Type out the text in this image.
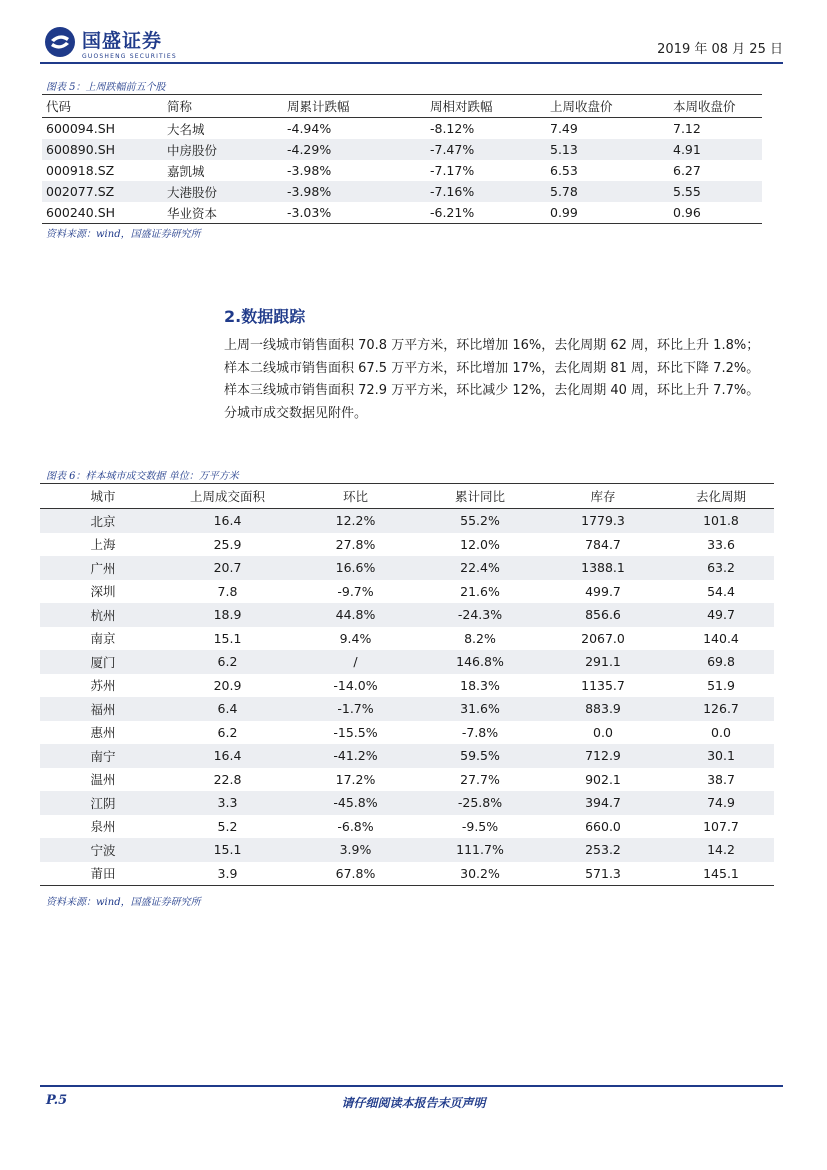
国盛证券
GUOSHENG SECURITIES	2019 年 08 月 25 日
图表 5：上周跌幅前五个股
代码	简称	周累计跌幅	周相对跌幅	上周收盘价	本周收盘价
600094.SH	大名城	-4.94%	-8.12%	7.49	7.12
600890.SH	中房股份	-4.29%	-7.47%	5.13	4.91
000918.SZ	嘉凯城	-3.98%	-7.17%	6.53	6.27
002077.SZ	大港股份	-3.98%	-7.16%	5.78	5.55
600240.SH	华业资本	-3.03%	-6.21%	0.99	0.96
资料来源：wind，国盛证券研究所
2.数据跟踪
上周一线城市销售面积 70.8 万平方米，环比增加 16%，去化周期 62 周，环比上升 1.8%；
样本二线城市销售面积 67.5 万平方米，环比增加 17%，去化周期 81 周，环比下降 7.2%。
样本三线城市销售面积 72.9 万平方米，环比减少 12%，去化周期 40 周，环比上升 7.7%。
分城市成交数据见附件。
图表 6：样本城市成交数据 单位：万平方米
城市	上周成交面积	环比	累计同比	库存	去化周期
北京	16.4	12.2%	55.2%	1779.3	101.8
上海	25.9	27.8%	12.0%	784.7	33.6
广州	20.7	16.6%	22.4%	1388.1	63.2
深圳	7.8	-9.7%	21.6%	499.7	54.4
杭州	18.9	44.8%	-24.3%	856.6	49.7
南京	15.1	9.4%	8.2%	2067.0	140.4
厦门	6.2	/	146.8%	291.1	69.8
苏州	20.9	-14.0%	18.3%	1135.7	51.9
福州	6.4	-1.7%	31.6%	883.9	126.7
惠州	6.2	-15.5%	-7.8%	0.0	0.0
南宁	16.4	-41.2%	59.5%	712.9	30.1
温州	22.8	17.2%	27.7%	902.1	38.7
江阴	3.3	-45.8%	-25.8%	394.7	74.9
泉州	5.2	-6.8%	-9.5%	660.0	107.7
宁波	15.1	3.9%	111.7%	253.2	14.2
莆田	3.9	67.8%	30.2%	571.3	145.1
资料来源：wind，国盛证券研究所
P.5	请仔细阅读本报告末页声明
